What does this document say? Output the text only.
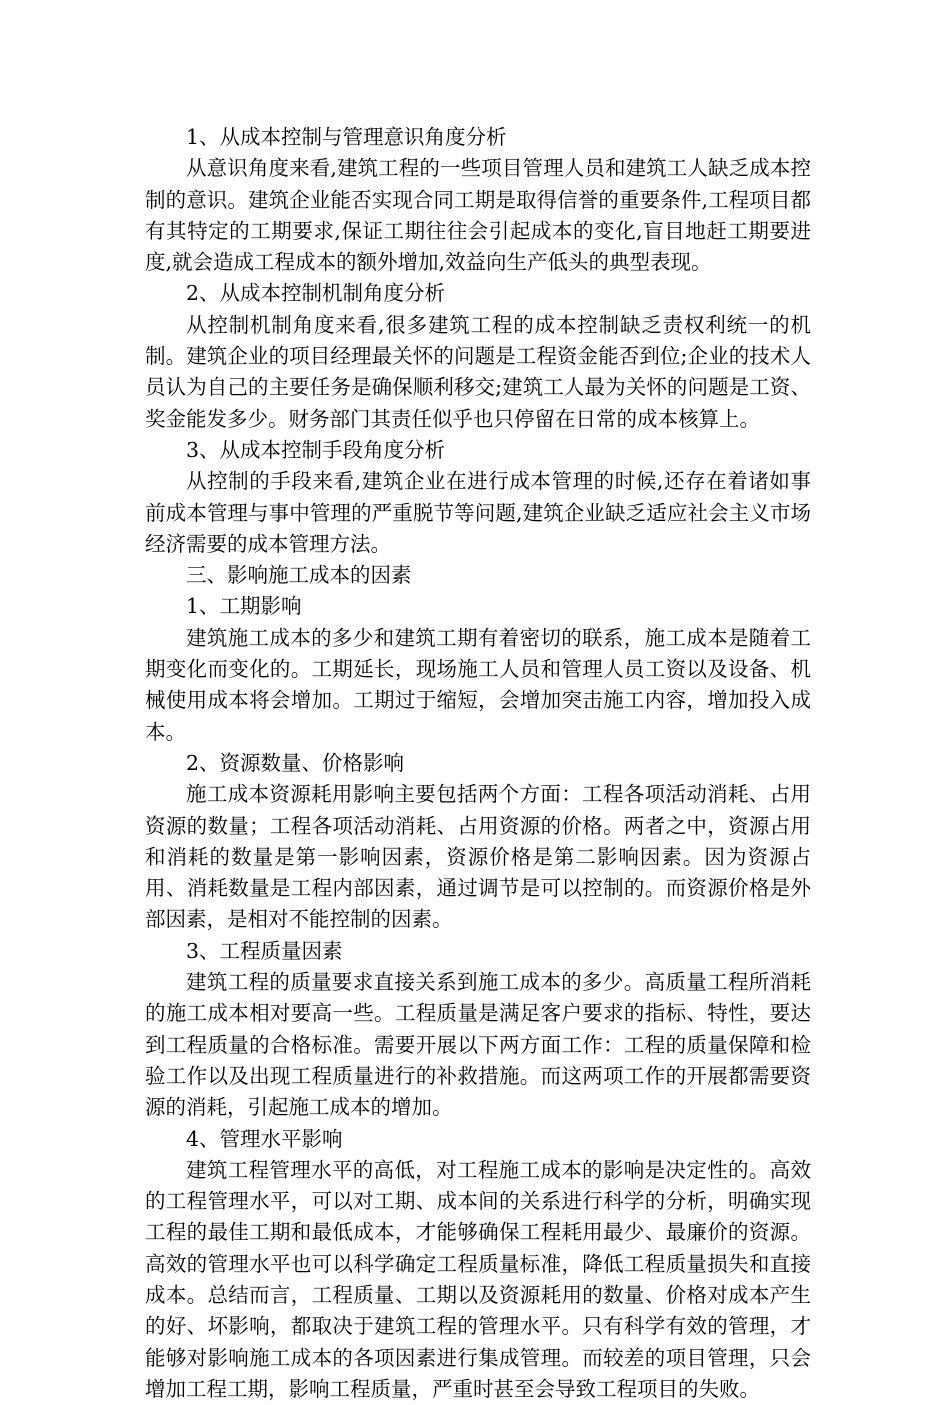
1、从成本控制与管理意识角度分析

从意识角度来看,建筑工程的一些项目管理人员和建筑工人缺乏成本控制的意识。建筑企业能否实现合同工期是取得信誉的重要条件,工程项目都有其特定的工期要求,保证工期往往会引起成本的变化,盲目地赶工期要进度,就会造成工程成本的额外增加,效益向生产低头的典型表现。

2、从成本控制机制角度分析

从控制机制角度来看,很多建筑工程的成本控制缺乏责权利统一的机制。建筑企业的项目经理最关怀的问题是工程资金能否到位;企业的技术人员认为自己的主要任务是确保顺利移交;建筑工人最为关怀的问题是工资、奖金能发多少。财务部门其责任似乎也只停留在日常的成本核算上。

3、从成本控制手段角度分析

从控制的手段来看,建筑企业在进行成本管理的时候,还存在着诸如事前成本管理与事中管理的严重脱节等问题,建筑企业缺乏适应社会主义市场经济需要的成本管理方法。

三、影响施工成本的因素

1、工期影响

建筑施工成本的多少和建筑工期有着密切的联系，施工成本是随着工期变化而变化的。工期延长，现场施工人员和管理人员工资以及设备、机械使用成本将会增加。工期过于缩短，会增加突击施工内容，增加投入成本。

2、资源数量、价格影响

施工成本资源耗用影响主要包括两个方面：工程各项活动消耗、占用资源的数量；工程各项活动消耗、占用资源的价格。两者之中，资源占用和消耗的数量是第一影响因素，资源价格是第二影响因素。因为资源占用、消耗数量是工程内部因素，通过调节是可以控制的。而资源价格是外部因素，是相对不能控制的因素。

3、工程质量因素

建筑工程的质量要求直接关系到施工成本的多少。高质量工程所消耗的施工成本相对要高一些。工程质量是满足客户要求的指标、特性，要达到工程质量的合格标准。需要开展以下两方面工作：工程的质量保障和检验工作以及出现工程质量进行的补救措施。而这两项工作的开展都需要资源的消耗，引起施工成本的增加。

4、管理水平影响

建筑工程管理水平的高低，对工程施工成本的影响是决定性的。高效的工程管理水平，可以对工期、成本间的关系进行科学的分析，明确实现工程的最佳工期和最低成本，才能够确保工程耗用最少、最廉价的资源。高效的管理水平也可以科学确定工程质量标准，降低工程质量损失和直接成本。总结而言，工程质量、工期以及资源耗用的数量、价格对成本产生的好、坏影响，都取决于建筑工程的管理水平。只有科学有效的管理，才能够对影响施工成本的各项因素进行集成管理。而较差的项目管理，只会增加工程工期，影响工程质量，严重时甚至会导致工程项目的失败。
